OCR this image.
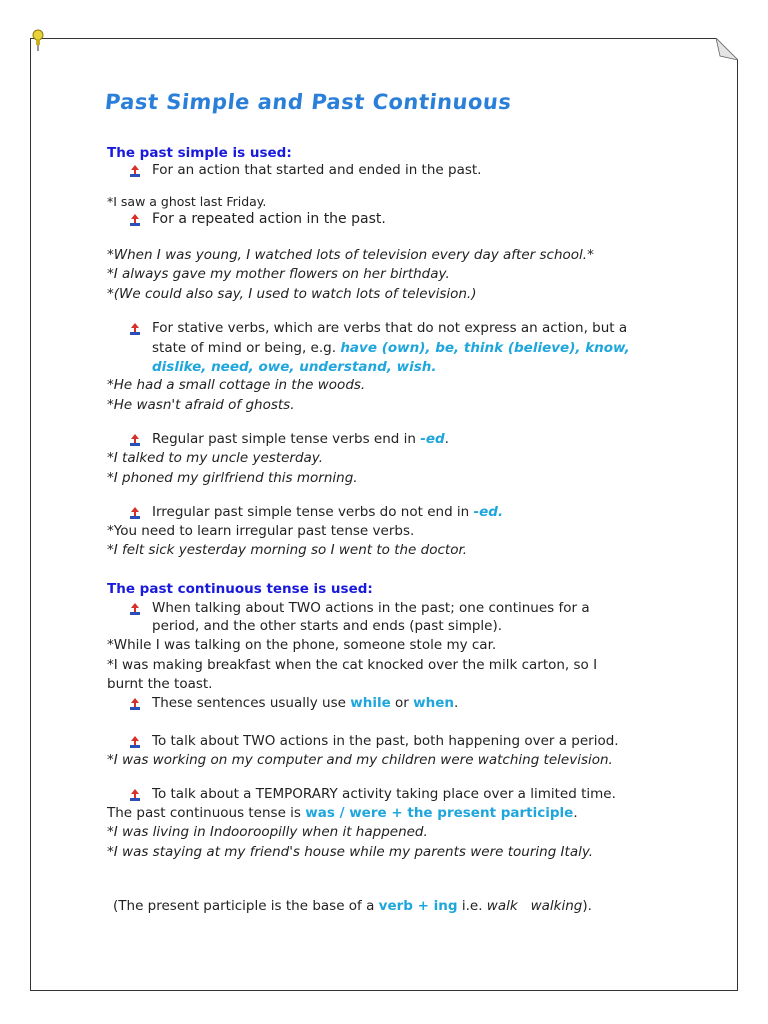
Past Simple and Past Continuous
The past simple is used:
For an action that started and ended in the past.
*I saw a ghost last Friday.
For a repeated action in the past.
*When I was young, I watched lots of television every day after school.*
*I always gave my mother flowers on her birthday.
*(We could also say, I used to watch lots of television.)
For stative verbs, which are verbs that do not express an action, but a
state of mind or being, e.g. have (own), be, think (believe), know,
dislike, need, owe, understand, wish.
*He had a small cottage in the woods.
*He wasn't afraid of ghosts.
Regular past simple tense verbs end in -ed.
*I talked to my uncle yesterday.
*I phoned my girlfriend this morning.
Irregular past simple tense verbs do not end in -ed.
*You need to learn irregular past tense verbs.
*I felt sick yesterday morning so I went to the doctor.
The past continuous tense is used:
When talking about TWO actions in the past; one continues for a
period, and the other starts and ends (past simple).
*While I was talking on the phone, someone stole my car.
*I was making breakfast when the cat knocked over the milk carton, so I
burnt the toast.
These sentences usually use while or when.
To talk about TWO actions in the past, both happening over a period.
*I was working on my computer and my children were watching television.
To talk about a TEMPORARY activity taking place over a limited time.
The past continuous tense is was / were + the present participle.
*I was living in Indooroopilly when it happened.
*I was staying at my friend's house while my parents were touring Italy.
(The present participle is the base of a verb + ing i.e. walk walking).
